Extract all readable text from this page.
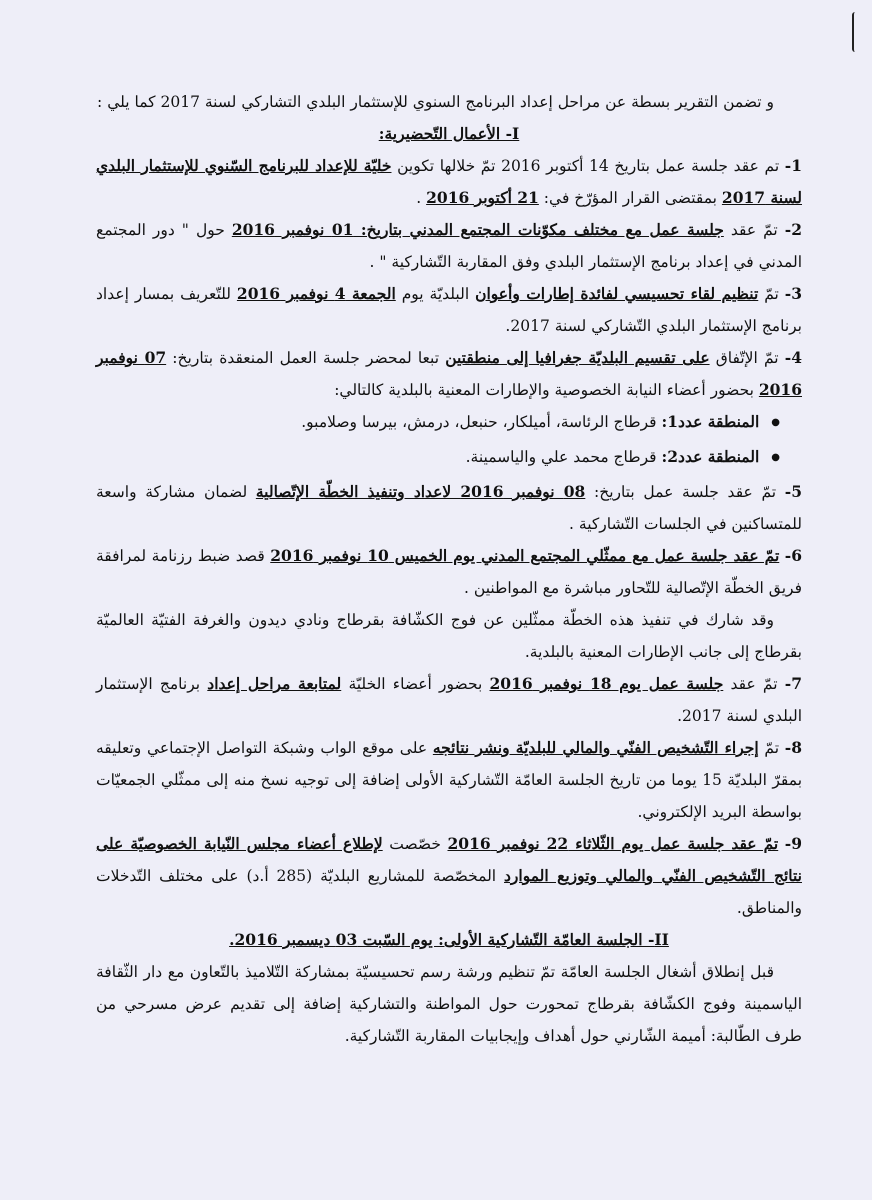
و تضمن التقرير بسطة عن مراحل إعداد البرنامج السنوي للإستثمار البلدي التشاركي لسنة 2017 كما يلي :

I- الأعمال التّحضيرية:

1- تم عقد جلسة عمل بتاريخ 14 أكتوبر 2016 تمّ خلالها تكوين خليّة للإعداد للبرنامج السّنوي للإستثمار البلدي لسنة 2017 بمقتضى القرار المؤرّخ في: 21 أكتوبر 2016 .

2- تمّ عقد جلسة عمل مع مختلف مكوّنات المجتمع المدني بتاريخ: 01 نوفمبر 2016 حول " دور المجتمع المدني في إعداد برنامج الإستثمار البلدي وفق المقاربة التّشاركية " .

3- تمّ تنظيم لقاء تحسيسي لفائدة إطارات وأعوان البلديّة يوم الجمعة 4 نوفمبر 2016 للتّعريف بمسار إعداد برنامج الإستثمار البلدي التّشاركي لسنة 2017.

4- تمّ الإتّفاق على تقسيم البلديّة جغرافيا إلى منطقتين تبعا لمحضر جلسة العمل المنعقدة بتاريخ: 07 نوفمبر 2016 بحضور أعضاء النيابة الخصوصية والإطارات المعنية بالبلدية كالتالي:

● المنطقة عدد1: قرطاج الرئاسة، أميلكار، حنبعل، درمش، بيرسا وصلامبو.
● المنطقة عدد2: قرطاج محمد علي والياسمينة.

5- تمّ عقد جلسة عمل بتاريخ: 08 نوفمبر 2016 لاعداد وتنفيذ الخطّة الإتّصالية لضمان مشاركة واسعة للمتساكنين في الجلسات التّشاركية .

6- تمّ عقد جلسة عمل مع ممثّلي المجتمع المدني يوم الخميس 10 نوفمبر 2016 قصد ضبط رزنامة لمرافقة فريق الخطّة الإتّصالية للتّحاور مباشرة مع المواطنين .

وقد شارك في تنفيذ هذه الخطّة ممثّلين عن فوج الكشّافة بقرطاج ونادي ديدون والغرفة الفتيّة العالميّة بقرطاج إلى جانب الإطارات المعنية بالبلدية.

7- تمّ عقد جلسة عمل يوم 18 نوفمبر 2016 بحضور أعضاء الخليّة لمتابعة مراحل إعداد برنامج الإستثمار البلدي لسنة 2017.

8- تمّ إجراء التّشخيص الفنّي والمالي للبلديّة ونشر نتائجه على موقع الواب وشبكة التواصل الإجتماعي وتعليقه بمقرّ البلديّة 15 يوما من تاريخ الجلسة العامّة التّشاركية الأولى إضافة إلى توجيه نسخ منه إلى ممثّلي الجمعيّات بواسطة البريد الإلكتروني.

9- تمّ عقد جلسة عمل يوم الثّلاثاء 22 نوفمبر 2016 خصّصت لإطلاع أعضاء مجلس النّيابة الخصوصيّة على نتائج التّشخيص الفنّي والمالي وتوزيع الموارد المخصّصة للمشاريع البلديّة (285 أ.د) على مختلف التّدخلات والمناطق.

II- الجلسة العامّة التّشاركية الأولى: يوم السّبت 03 ديسمبر 2016.

قبل إنطلاق أشغال الجلسة العامّة تمّ تنظيم ورشة رسم تحسيسيّة بمشاركة التّلاميذ بالتّعاون مع دار الثّقافة الياسمينة وفوج الكشّافة بقرطاج تمحورت حول المواطنة والتشاركية إضافة إلى تقديم عرض مسرحي من طرف الطّالبة: أميمة الشّارني حول أهداف وإيجابيات المقاربة التّشاركية.
